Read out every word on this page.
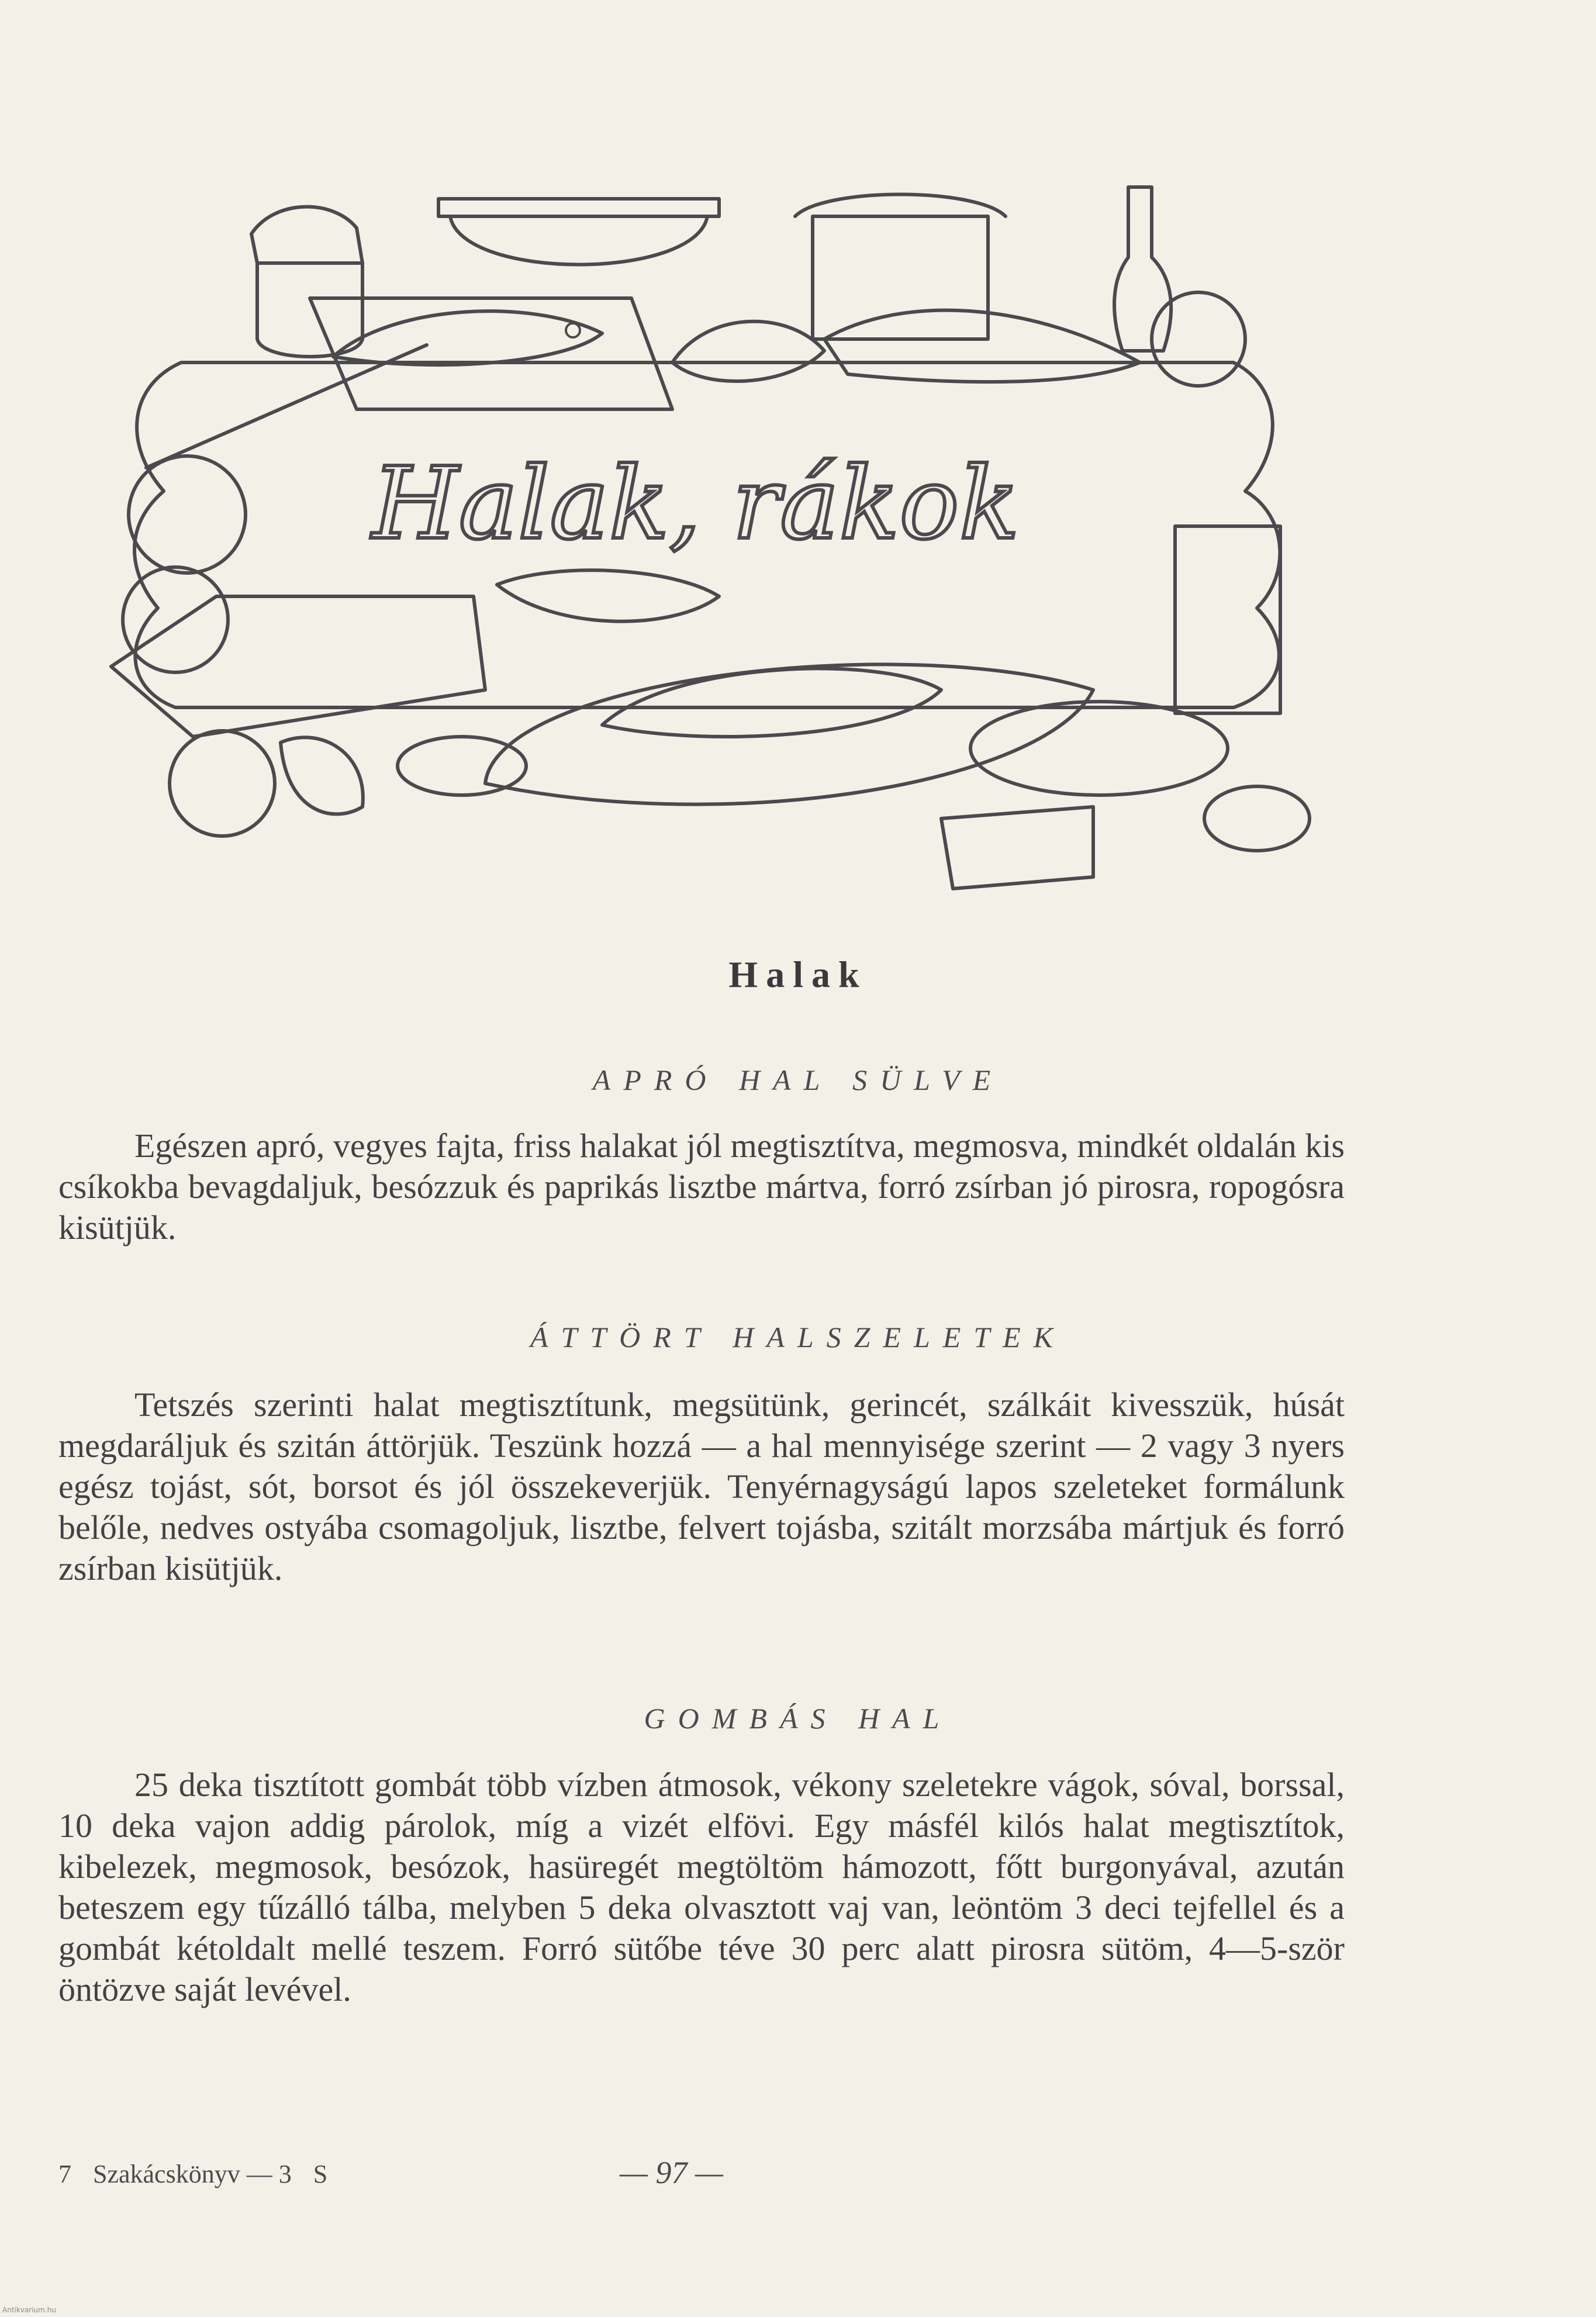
Halak, rákok
Halak
APRÓ HAL SÜLVE

Egészen apró, vegyes fajta, friss halakat jól megtisztítva, megmosva, mindkét oldalán kis csíkokba bevagdaljuk, besózzuk és paprikás lisztbe mártva, forró zsírban jó pirosra, ropogósra kisütjük.

ÁTTÖRT HALSZELETEK

Tetszés szerinti halat megtisztítunk, megsütünk, gerincét, szálkáit kivesszük, húsát megdaráljuk és szitán áttörjük. Teszünk hozzá — a hal mennyisége szerint — 2 vagy 3 nyers egész tojást, sót, borsot és jól összekeverjük. Tenyérnagyságú lapos szeleteket formálunk belőle, nedves ostyába csomagoljuk, lisztbe, felvert tojásba, szitált morzsába mártjuk és forró zsírban kisütjük.

GOMBÁS HAL

25 deka tisztított gombát több vízben átmosok, vékony szeletekre vágok, sóval, borssal, 10 deka vajon addig párolok, míg a vizét elfövi. Egy másfél kilós halat megtisztítok, kibelezek, megmosok, besózok, hasüregét megtöltöm hámozott, főtt burgonyával, azután beteszem egy tűzálló tálba, melyben 5 deka olvasztott vaj van, leöntöm 3 deci tejfellel és a gombát kétoldalt mellé teszem. Forró sütőbe téve 30 perc alatt pirosra sütöm, 4—5-ször öntözve saját levével.

7 Szakácskönyv — 3 S	— 97 —
Antikvarium.hu
